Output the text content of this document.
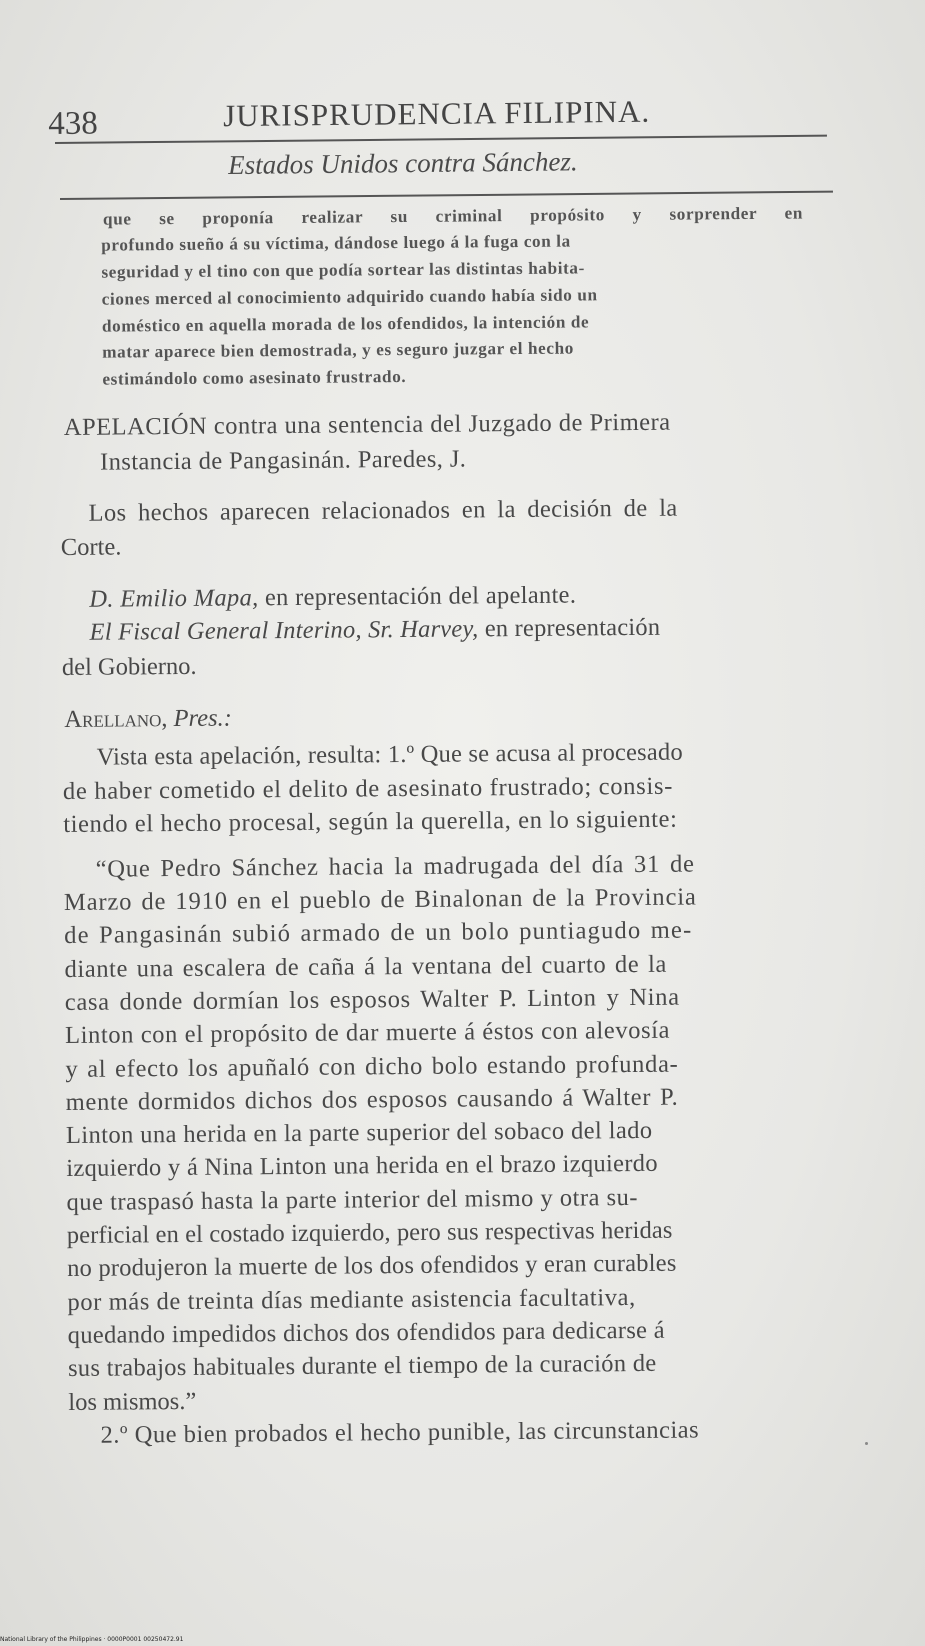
438	JURISPRUDENCIA FILIPINA.
Estados Unidos contra Sánchez.
que se proponía realizar su criminal propósito y sorprender en
profundo sueño á su víctima, dándose luego á la fuga con la
seguridad y el tino con que podía sortear las distintas habita-
ciones merced al conocimiento adquirido cuando había sido un
doméstico en aquella morada de los ofendidos, la intención de
matar aparece bien demostrada, y es seguro juzgar el hecho
estimándolo como asesinato frustrado.
APELACIÓN contra una sentencia del Juzgado de Primera
Instancia de Pangasinán. Paredes, J.
Los hechos aparecen relacionados en la decisión de la
Corte.
D. Emilio Mapa, en representación del apelante.
El Fiscal General Interino, Sr. Harvey, en representación
del Gobierno.
Arellano, Pres.:
Vista esta apelación, resulta: 1.º Que se acusa al procesado
de haber cometido el delito de asesinato frustrado; consis-
tiendo el hecho procesal, según la querella, en lo siguiente:
“Que Pedro Sánchez hacia la madrugada del día 31 de
Marzo de 1910 en el pueblo de Binalonan de la Provincia
de Pangasinán subió armado de un bolo puntiagudo me-
diante una escalera de caña á la ventana del cuarto de la
casa donde dormían los esposos Walter P. Linton y Nina
Linton con el propósito de dar muerte á éstos con alevosía
y al efecto los apuñaló con dicho bolo estando profunda-
mente dormidos dichos dos esposos causando á Walter P.
Linton una herida en la parte superior del sobaco del lado
izquierdo y á Nina Linton una herida en el brazo izquierdo
que traspasó hasta la parte interior del mismo y otra su-
perficial en el costado izquierdo, pero sus respectivas heridas
no produjeron la muerte de los dos ofendidos y eran curables
por más de treinta días mediante asistencia facultativa,
quedando impedidos dichos dos ofendidos para dedicarse á
sus trabajos habituales durante el tiempo de la curación de
los mismos.”
2.º Que bien probados el hecho punible, las circunstancias
National Library of the Philippines · 0000P0001 00250472.91
